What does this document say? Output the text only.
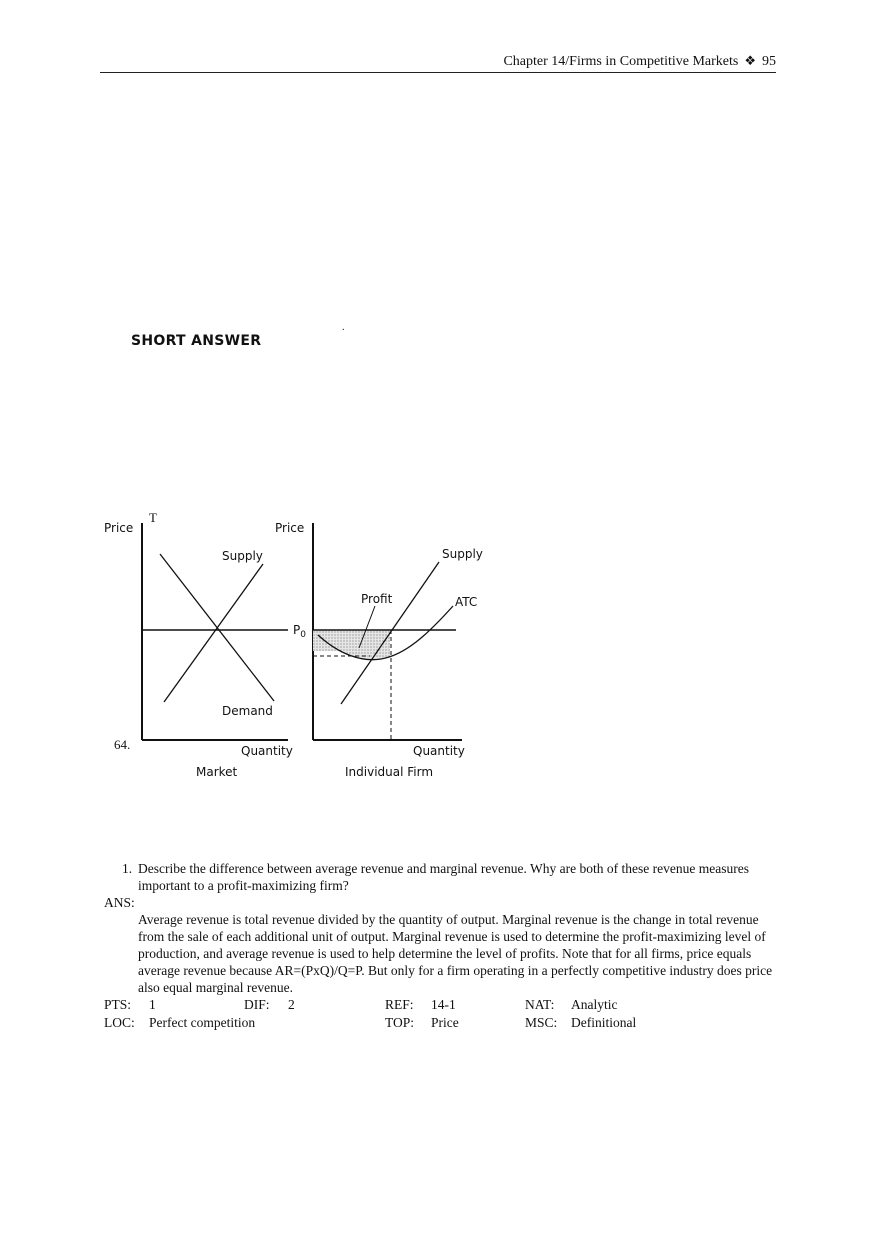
Chapter 14/Firms in Competitive Markets ❖ 95
.
SHORT ANSWER
Price
T
Supply
Demand
64.	Quantity
Market
Price
Supply
ATC
Profit
$P_0$
Quantity
Individual Firm
1. Describe the difference between average revenue and marginal revenue. Why are both of these revenue measures important to a profit-maximizing firm?
ANS:
Average revenue is total revenue divided by the quantity of output. Marginal revenue is the change in total revenue from the sale of each additional unit of output. Marginal revenue is used to determine the profit-maximizing level of production, and average revenue is used to help determine the level of profits. Note that for all firms, price equals average revenue because AR=(PxQ)/Q=P. But only for a firm operating in a perfectly competitive industry does price also equal marginal revenue.
PTS: 1	DIF: 2	REF: 14-1	NAT: Analytic
LOC: Perfect competition	TOP: Price	MSC: Definitional
